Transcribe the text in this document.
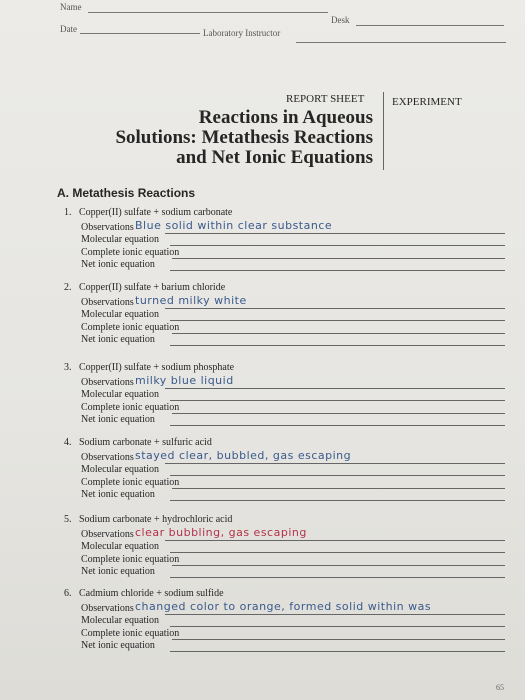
Name
Desk
Date	Laboratory Instructor
REPORT SHEET	EXPERIMENT
Reactions in Aqueous
Solutions: Metathesis Reactions
and Net Ionic Equations
A. Metathesis Reactions
1. Copper(II) sulfate + sodium carbonate
Observations Blue solid within clear substance
Molecular equation
Complete ionic equation
Net ionic equation
2. Copper(II) sulfate + barium chloride
Observations turned milky white
Molecular equation
Complete ionic equation
Net ionic equation
3. Copper(II) sulfate + sodium phosphate
Observations milky blue liquid
Molecular equation
Complete ionic equation
Net ionic equation
4. Sodium carbonate + sulfuric acid
Observations stayed clear, bubbled, gas escaping
Molecular equation
Complete ionic equation
Net ionic equation
5. Sodium carbonate + hydrochloric acid
Observations clear bubbling, gas escaping
Molecular equation
Complete ionic equation
Net ionic equation
6. Cadmium chloride + sodium sulfide
Observations changed color to orange, formed solid within was
Molecular equation
Complete ionic equation
Net ionic equation
65
